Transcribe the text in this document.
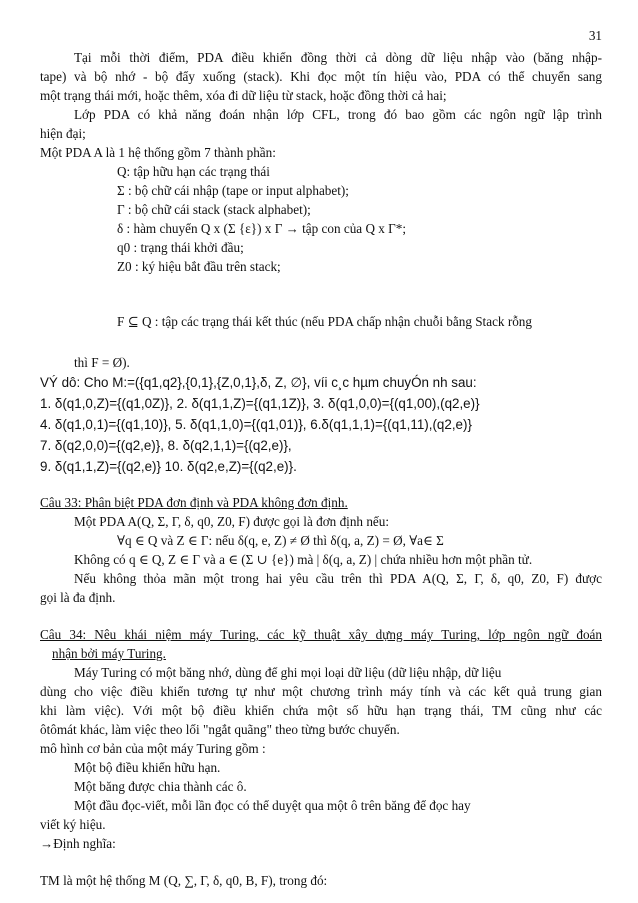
31
Tại mỗi thời điểm, PDA điều khiển đồng thời cả dòng dữ liệu nhập vào (băng nhập-
tape) và bộ nhớ - bộ đẩy xuống (stack). Khi đọc một tín hiệu vào, PDA có thể chuyển sang
một trạng thái mới, hoặc thêm, xóa đi dữ liệu từ stack, hoặc đồng thời cả hai;
Lớp PDA có khả năng đoán nhận lớp CFL, trong đó bao gồm các ngôn ngữ lập trình
hiện đại;
Một PDA A là 1 hệ thống gồm 7 thành phần:
Q: tập hữu hạn các trạng thái
Σ : bộ chữ cái nhập (tape or input alphabet);
Γ : bộ chữ cái stack (stack alphabet);
δ : hàm chuyển Q x (Σ {ε}) x Γ → tập con của Q x Γ*;
q0 : trạng thái khởi đầu;
Z0 : ký hiệu bắt đầu trên stack;
F ⊆ Q : tập các trạng thái kết thúc (nếu PDA chấp nhận chuỗi bằng Stack rỗng
thì F = Ø).
VÝ dô: Cho M:=({q1,q2},{0,1},{Z,0,1},δ, Z, ∅}, víi c¸c hµm chuyÓn nh sau:
1. δ(q1,0,Z)={(q1,0Z)}, 2. δ(q1,1,Z)={(q1,1Z)}, 3. δ(q1,0,0)={(q1,00),(q2,e)}
4. δ(q1,0,1)={(q1,10)}, 5. δ(q1,1,0)={(q1,01)}, 6.δ(q1,1,1)={(q1,11),(q2,e)}
7. δ(q2,0,0)={(q2,e)}, 8. δ(q2,1,1)={(q2,e)},
9. δ(q1,1,Z)={(q2,e)} 10. δ(q2,e,Z)={(q2,e)}.
Câu 33: Phân biệt PDA đơn định và PDA không đơn định.
Một PDA A(Q, Σ, Γ, δ, q0, Z0, F) được gọi là đơn định nếu:
∀q ∈ Q và Z ∈ Γ: nếu δ(q, e, Z) ≠ Ø thì δ(q, a, Z) = Ø, ∀a∈ Σ
Không có q ∈ Q, Z ∈ Γ và a ∈ (Σ ∪ {e}) mà | δ(q, a, Z) | chứa nhiều hơn một phần tử.
Nếu không thỏa mãn một trong hai yêu cầu trên thì PDA A(Q, Σ, Γ, δ, q0, Z0, F) được
gọi là đa định.
Câu 34: Nêu khái niệm máy Turing, các kỹ thuật xây dựng máy Turing, lớp ngôn ngữ đoán
nhận bởi máy Turing.
Máy Turing có một băng nhớ, dùng để ghi mọi loại dữ liệu (dữ liệu nhập, dữ liệu
dùng cho việc điều khiển tương tự như một chương trình máy tính và các kết quả trung gian
khi làm việc). Với một bộ điều khiển chứa một số hữu hạn trạng thái, TM cũng như các
ôtômát khác, làm việc theo lối "ngắt quãng" theo từng bước chuyển.
mô hình cơ bản của một máy Turing gồm :
Một bộ điều khiển hữu hạn.
Một băng được chia thành các ô.
Một đầu đọc-viết, mỗi lần đọc có thể duyệt qua một ô trên băng để đọc hay
viết ký hiệu.
→Định nghĩa:
TM là một hệ thống M (Q, ∑, Γ, δ, q0, B, F), trong đó:
